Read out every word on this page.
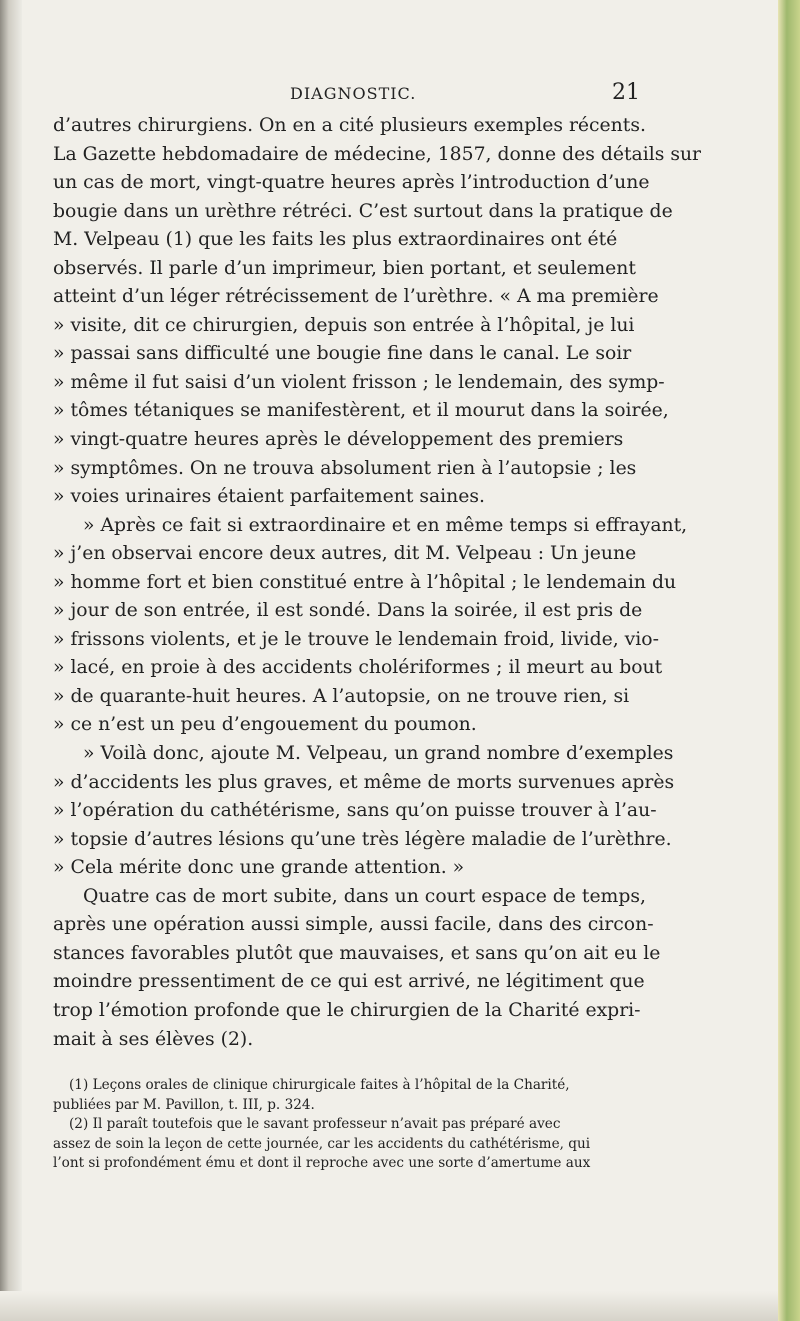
DIAGNOSTIC.	21
d’autres chirurgiens. On en a cité plusieurs exemples récents.
La Gazette hebdomadaire de médecine, 1857, donne des détails sur
un cas de mort, vingt-quatre heures après l’introduction d’une
bougie dans un urèthre rétréci. C’est surtout dans la pratique de
M. Velpeau (1) que les faits les plus extraordinaires ont été
observés. Il parle d’un imprimeur, bien portant, et seulement
atteint d’un léger rétrécissement de l’urèthre. « A ma première
» visite, dit ce chirurgien, depuis son entrée à l’hôpital, je lui
» passai sans difficulté une bougie fine dans le canal. Le soir
» même il fut saisi d’un violent frisson ; le lendemain, des symp-
» tômes tétaniques se manifestèrent, et il mourut dans la soirée,
» vingt-quatre heures après le développement des premiers
» symptômes. On ne trouva absolument rien à l’autopsie ; les
» voies urinaires étaient parfaitement saines.
» Après ce fait si extraordinaire et en même temps si effrayant,
» j’en observai encore deux autres, dit M. Velpeau : Un jeune
» homme fort et bien constitué entre à l’hôpital ; le lendemain du
» jour de son entrée, il est sondé. Dans la soirée, il est pris de
» frissons violents, et je le trouve le lendemain froid, livide, vio-
» lacé, en proie à des accidents cholériformes ; il meurt au bout
» de quarante-huit heures. A l’autopsie, on ne trouve rien, si
» ce n’est un peu d’engouement du poumon.
» Voilà donc, ajoute M. Velpeau, un grand nombre d’exemples
» d’accidents les plus graves, et même de morts survenues après
» l’opération du cathétérisme, sans qu’on puisse trouver à l’au-
» topsie d’autres lésions qu’une très légère maladie de l’urèthre.
» Cela mérite donc une grande attention. »
Quatre cas de mort subite, dans un court espace de temps,
après une opération aussi simple, aussi facile, dans des circon-
stances favorables plutôt que mauvaises, et sans qu’on ait eu le
moindre pressentiment de ce qui est arrivé, ne légitiment que
trop l’émotion profonde que le chirurgien de la Charité expri-
mait à ses élèves (2).
(1) Leçons orales de clinique chirurgicale faites à l’hôpital de la Charité,
publiées par M. Pavillon, t. III, p. 324.
(2) Il paraît toutefois que le savant professeur n’avait pas préparé avec
assez de soin la leçon de cette journée, car les accidents du cathétérisme, qui
l’ont si profondément ému et dont il reproche avec une sorte d’amertume aux
